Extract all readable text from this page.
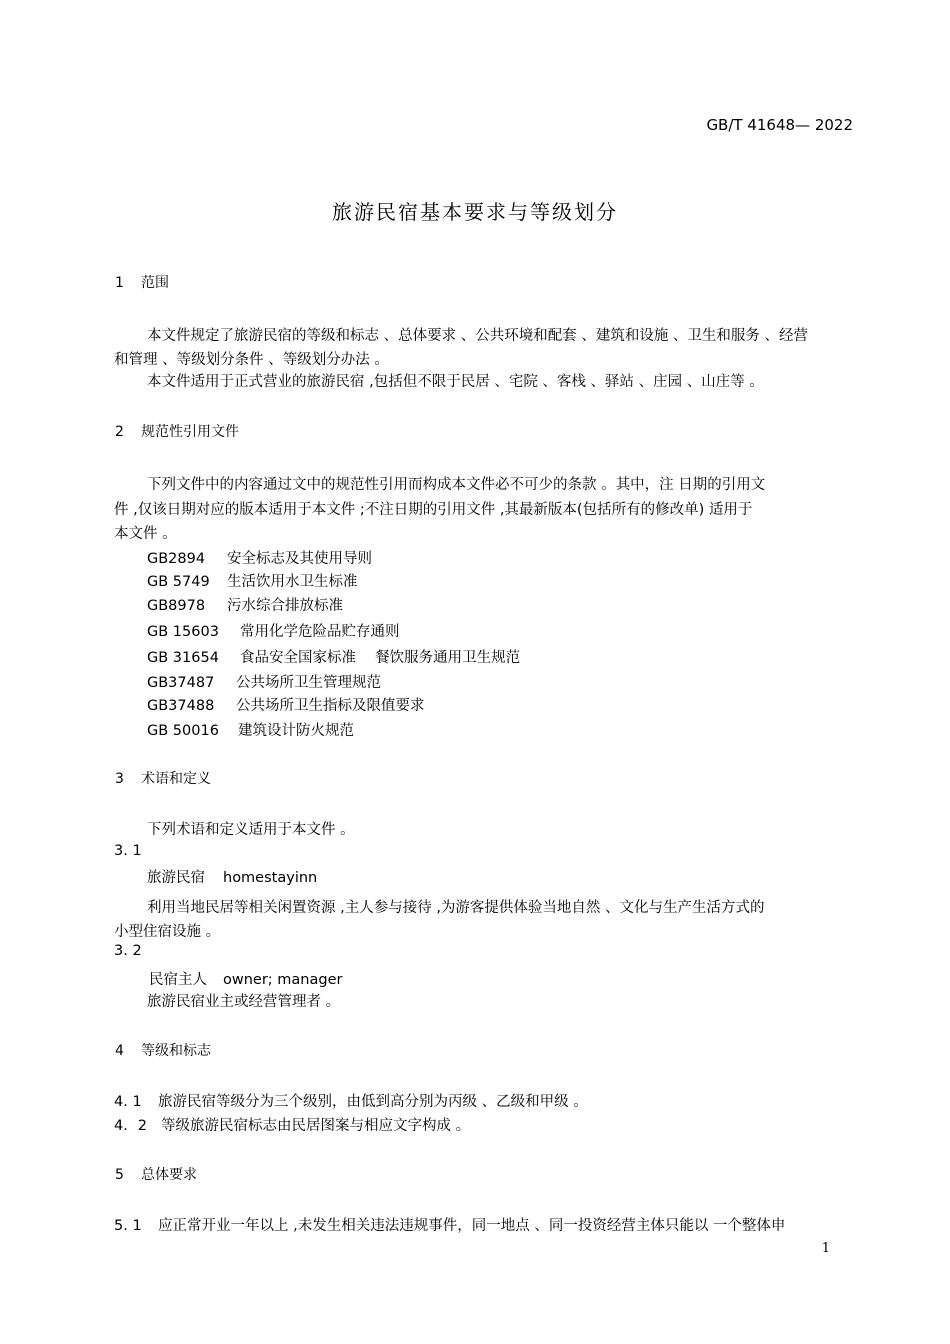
GB/T 41648— 2022
旅游民宿基本要求与等级划分
1 范围
本文件规定了旅游民宿的等级和标志 、总体要求 、公共环境和配套 、建筑和设施 、卫生和服务 、经营
和管理 、等级划分条件 、等级划分办法 。
本文件适用于正式营业的旅游民宿 ,包括但不限于民居 、宅院 、客栈 、驿站 、庄园 、山庄等 。
2 规范性引用文件
下列文件中的内容通过文中的规范性引用而构成本文件必不可少的条款 。其中，注 日期的引用文
件 ,仅该日期对应的版本适用于本文件 ;不注日期的引用文件 ,其最新版本(包括所有的修改单) 适用于
本文件 。
GB2894 安全标志及其使用导则
GB 5749 生活饮用水卫生标准
GB8978 污水综合排放标准
GB 15603 常用化学危险品贮存通则
GB 31654 食品安全国家标准　 餐饮服务通用卫生规范
GB37487 公共场所卫生管理规范
GB37488 公共场所卫生指标及限值要求
GB 50016 建筑设计防火规范
3 术语和定义
下列术语和定义适用于本文件 。
3. 1
旅游民宿 homestayinn
利用当地民居等相关闲置资源 ,主人参与接待 ,为游客提供体验当地自然 、文化与生产生活方式的
小型住宿设施 。
3. 2
民宿主人 owner; manager
旅游民宿业主或经营管理者 。
4 等级和标志
4. 1 旅游民宿等级分为三个级别，由低到高分别为丙级 、乙级和甲级 。
4．2 等级旅游民宿标志由民居图案与相应文字构成 。
5 总体要求
5. 1 应正常开业一年以上 ,未发生相关违法违规事件，同一地点 、同一投资经营主体只能以 一个整体申
1
